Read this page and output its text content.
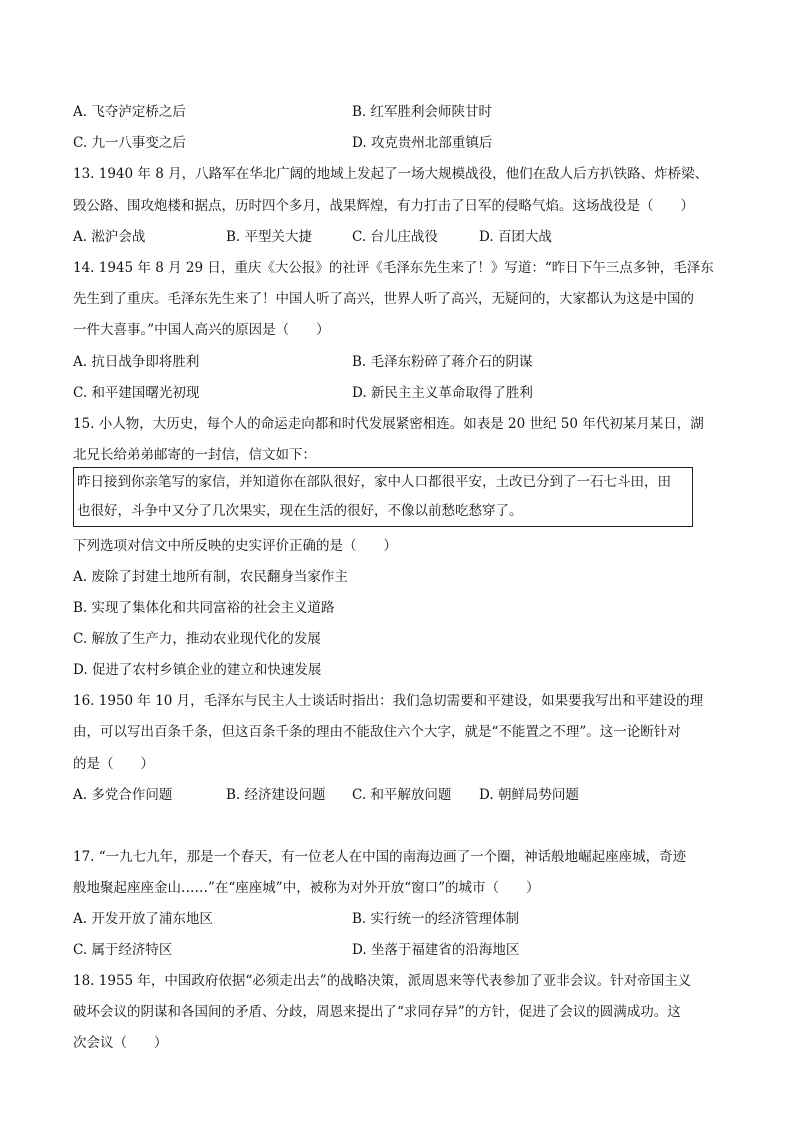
A. 飞夺泸定桥之后	B. 红军胜利会师陕甘时
C. 九一八事变之后	D. 攻克贵州北部重镇后
13. 1940 年 8 月，八路军在华北广阔的地域上发起了一场大规模战役，他们在敌人后方扒铁路、炸桥梁、
毁公路、围攻炮楼和据点，历时四个多月，战果辉煌，有力打击了日军的侵略气焰。这场战役是（　　）
A. 淞沪会战	B. 平型关大捷	C. 台儿庄战役	D. 百团大战
14. 1945 年 8 月 29 日，重庆《大公报》的社评《毛泽东先生来了！》写道：“昨日下午三点多钟，毛泽东
先生到了重庆。毛泽东先生来了！中国人听了高兴，世界人听了高兴，无疑问的，大家都认为这是中国的
一件大喜事。”中国人高兴的原因是（　　）
A. 抗日战争即将胜利	B. 毛泽东粉碎了蒋介石的阴谋
C. 和平建国曙光初现	D. 新民主主义革命取得了胜利
15. 小人物，大历史，每个人的命运走向都和时代发展紧密相连。如表是 20 世纪 50 年代初某月某日，湖
北兄长给弟弟邮寄的一封信，信文如下：
昨日接到你亲笔写的家信，并知道你在部队很好，家中人口都很平安，土改已分到了一石七斗田，田
也很好，斗争中又分了几次果实，现在生活的很好，不像以前愁吃愁穿了。
下列选项对信文中所反映的史实评价正确的是（　　）
A. 废除了封建土地所有制，农民翻身当家作主
B. 实现了集体化和共同富裕的社会主义道路
C. 解放了生产力，推动农业现代化的发展
D. 促进了农村乡镇企业的建立和快速发展
16. 1950 年 10 月，毛泽东与民主人士谈话时指出：我们急切需要和平建设，如果要我写出和平建设的理
由，可以写出百条千条，但这百条千条的理由不能敌住六个大字，就是“不能置之不理”。这一论断针对
的是（　　）
A. 多党合作问题	B. 经济建设问题 C. 和平解放问题 D. 朝鲜局势问题
17. “一九七九年，那是一个春天，有一位老人在中国的南海边画了一个圈，神话般地崛起座座城，奇迹
般地聚起座座金山……”在“座座城”中，被称为对外开放“窗口”的城市（　　）
A. 开发开放了浦东地区	B. 实行统一的经济管理体制
C. 属于经济特区	D. 坐落于福建省的沿海地区
18. 1955 年，中国政府依据“必须走出去”的战略决策，派周恩来等代表参加了亚非会议。针对帝国主义
破坏会议的阴谋和各国间的矛盾、分歧，周恩来提出了“求同存异”的方针，促进了会议的圆满成功。这
次会议（　　）
